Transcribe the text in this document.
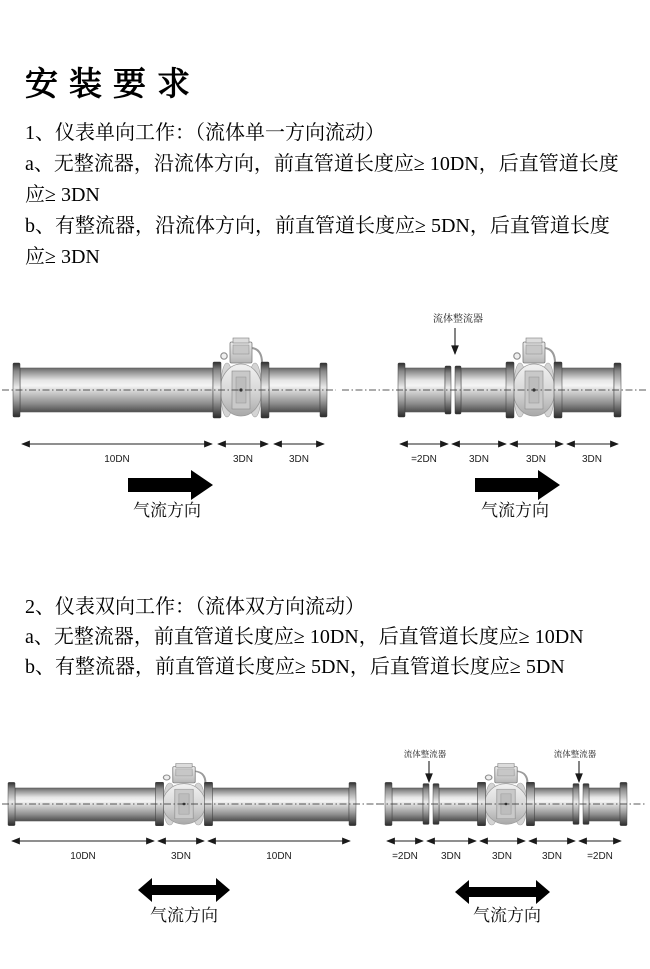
安装要求
1、仪表单向工作：（流体单一方向流动）
a、无整流器，沿流体方向，前直管道长度应≥ 10DN，后直管道长度
应≥ 3DN
b、有整流器，沿流体方向，前直管道长度应≥ 5DN，后直管道长度
应≥ 3DN
10DN	3DN	3DN
气流方向
流体整流器
=2DN	3DN	3DN	3DN
气流方向
2、仪表双向工作：（流体双方向流动）
a、无整流器，前直管道长度应≥ 10DN，后直管道长度应≥ 10DN
b、有整流器，前直管道长度应≥ 5DN，后直管道长度应≥ 5DN
10DN	3DN	10DN
气流方向
流体整流器	流体整流器
=2DN 3DN	3DN	3DN	=2DN
气流方向
